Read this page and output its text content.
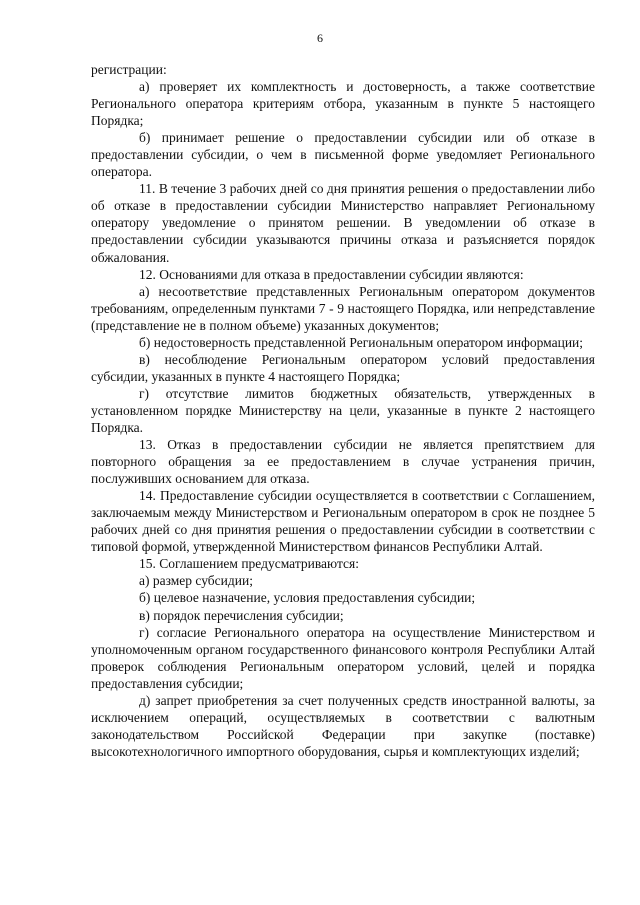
6

регистрации:

а) проверяет их комплектность и достоверность, а также соответствие Регионального оператора критериям отбора, указанным в пункте 5 настоящего Порядка;

б) принимает решение о предоставлении субсидии или об отказе в предоставлении субсидии, о чем в письменной форме уведомляет Регионального оператора.

11. В течение 3 рабочих дней со дня принятия решения о предоставлении либо об отказе в предоставлении субсидии Министерство направляет Региональному оператору уведомление о принятом решении. В уведомлении об отказе в предоставлении субсидии указываются причины отказа и разъясняется порядок обжалования.

12. Основаниями для отказа в предоставлении субсидии являются:

а) несоответствие представленных Региональным оператором документов требованиям, определенным пунктами 7 - 9 настоящего Порядка, или непредставление (представление не в полном объеме) указанных документов;

б) недостоверность представленной Региональным оператором информации;

в) несоблюдение Региональным оператором условий предоставления субсидии, указанных в пункте 4 настоящего Порядка;

г) отсутствие лимитов бюджетных обязательств, утвержденных в установленном порядке Министерству на цели, указанные в пункте 2 настоящего Порядка.

13. Отказ в предоставлении субсидии не является препятствием для повторного обращения за ее предоставлением в случае устранения причин, послуживших основанием для отказа.

14. Предоставление субсидии осуществляется в соответствии с Соглашением, заключаемым между Министерством и Региональным оператором в срок не позднее 5 рабочих дней со дня принятия решения о предоставлении субсидии в соответствии с типовой формой, утвержденной Министерством финансов Республики Алтай.

15. Соглашением предусматриваются:

а) размер субсидии;

б) целевое назначение, условия предоставления субсидии;

в) порядок перечисления субсидии;

г) согласие Регионального оператора на осуществление Министерством и уполномоченным органом государственного финансового контроля Республики Алтай проверок соблюдения Региональным оператором условий, целей и порядка предоставления субсидии;

д) запрет приобретения за счет полученных средств иностранной валюты, за исключением операций, осуществляемых в соответствии с валютным законодательством Российской Федерации при закупке (поставке) высокотехнологичного импортного оборудования, сырья и комплектующих изделий;
